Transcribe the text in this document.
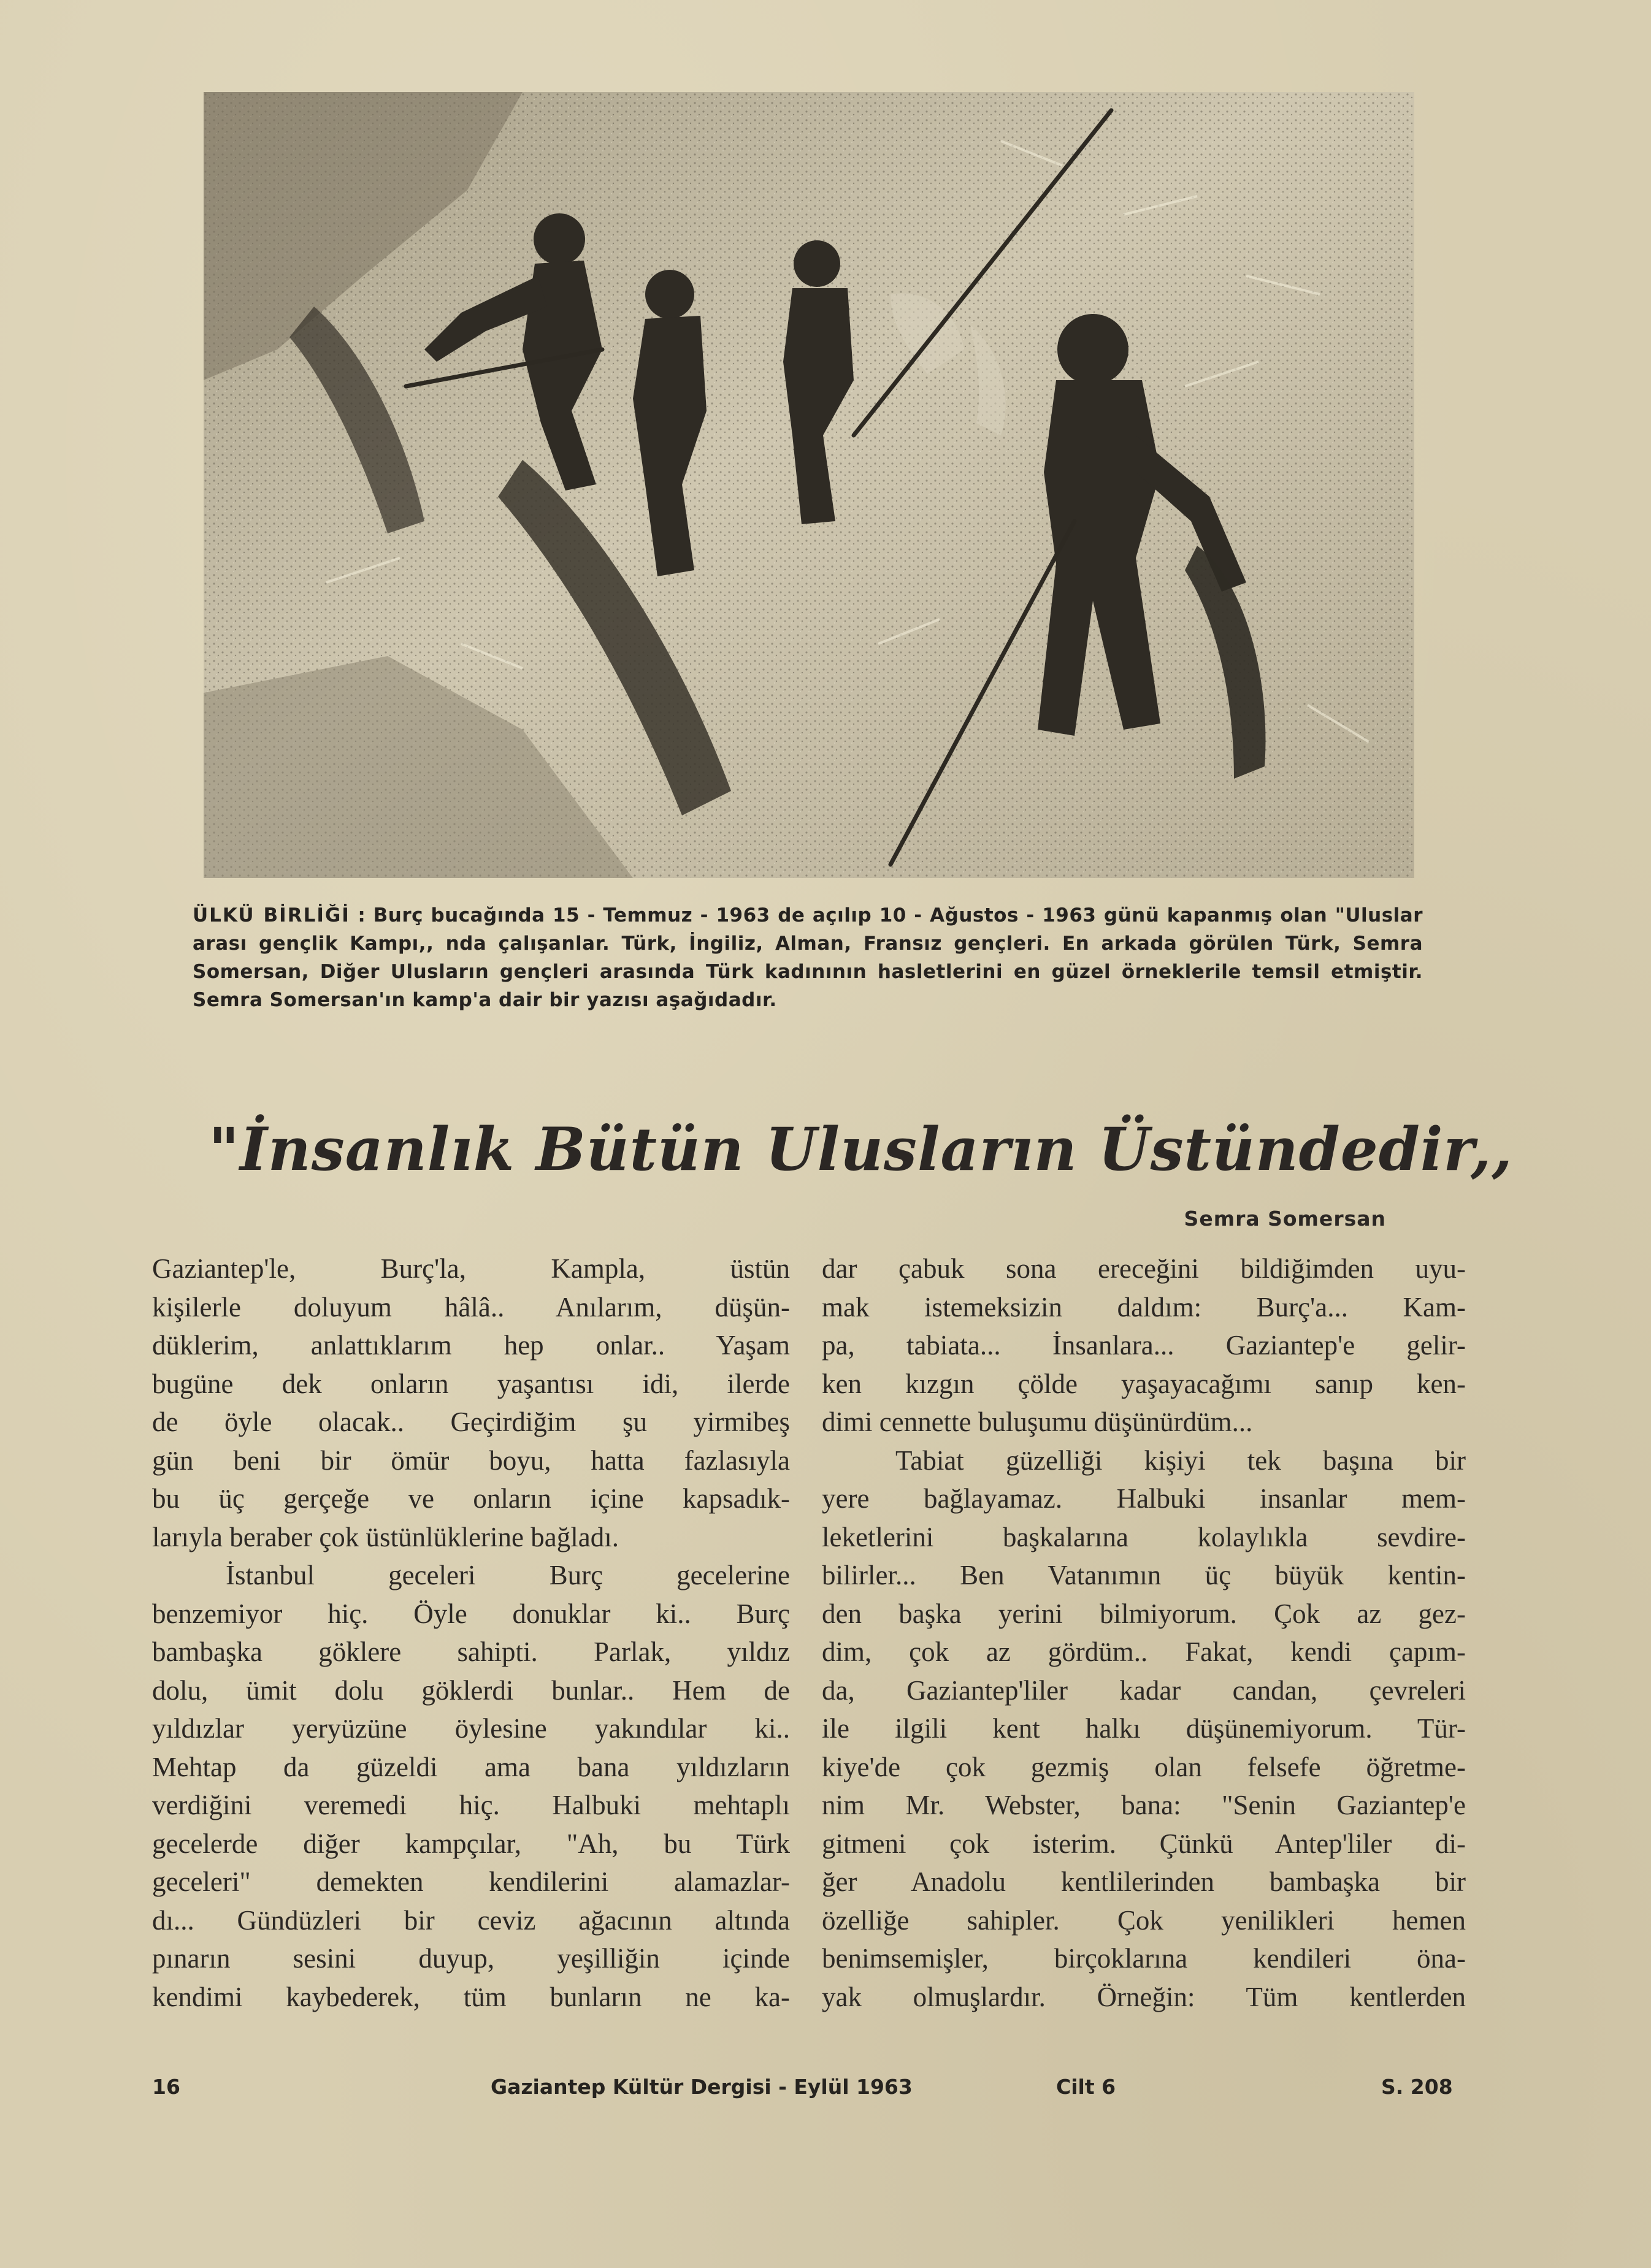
ÜLKÜ BİRLİĞİ : Burç bucağında 15 - Temmuz - 1963 de açılıp 10 - Ağustos - 1963 günü kapanmış olan "Uluslar arası gençlik Kampı,, nda çalışanlar. Türk, İngiliz, Alman, Fransız gençleri. En arkada görülen Türk, Semra Somersan, Diğer Ulusların gençleri arasında Türk kadınının hasletlerini en güzel örneklerile temsil etmiştir. Semra Somersan'ın kamp'a dair bir yazısı aşağıdadır.
"İnsanlık Bütün Ulusların Üstündedir,,
Semra Somersan
Gaziantep'le, Burç'la, Kampla, üstün
kişilerle doluyum hâlâ.. Anılarım, düşün-
düklerim, anlattıklarım hep onlar.. Yaşam
bugüne dek onların yaşantısı idi, ilerde
de öyle olacak.. Geçirdiğim şu yirmibeş
gün beni bir ömür boyu, hatta fazlasıyla
bu üç gerçeğe ve onların içine kapsadık-
larıyla beraber çok üstünlüklerine bağladı.
İstanbul geceleri Burç gecelerine
benzemiyor hiç. Öyle donuklar ki.. Burç
bambaşka göklere sahipti. Parlak, yıldız
dolu, ümit dolu göklerdi bunlar.. Hem de
yıldızlar yeryüzüne öylesine yakındılar ki..
Mehtap da güzeldi ama bana yıldızların
verdiğini veremedi hiç. Halbuki mehtaplı
gecelerde diğer kampçılar, "Ah, bu Türk
geceleri" demekten kendilerini alamazlar-
dı... Gündüzleri bir ceviz ağacının altında
pınarın sesini duyup, yeşilliğin içinde
kendimi kaybederek, tüm bunların ne ka-
dar çabuk sona ereceğini bildiğimden uyu-
mak istemeksizin daldım: Burç'a... Kam-
pa, tabiata... İnsanlara... Gaziantep'e gelir-
ken kızgın çölde yaşayacağımı sanıp ken-
dimi cennette buluşumu düşünürdüm...
Tabiat güzelliği kişiyi tek başına bir
yere bağlayamaz. Halbuki insanlar mem-
leketlerini başkalarına kolaylıkla sevdire-
bilirler... Ben Vatanımın üç büyük kentin-
den başka yerini bilmiyorum. Çok az gez-
dim, çok az gördüm.. Fakat, kendi çapım-
da, Gaziantep'liler kadar candan, çevreleri
ile ilgili kent halkı düşünemiyorum. Tür-
kiye'de çok gezmiş olan felsefe öğretme-
nim Mr. Webster, bana: "Senin Gaziantep'e
gitmeni çok isterim. Çünkü Antep'liler di-
ğer Anadolu kentlilerinden bambaşka bir
özelliğe sahipler. Çok yenilikleri hemen
benimsemişler, birçoklarına kendileri öna-
yak olmuşlardır. Örneğin: Tüm kentlerden
16	Gaziantep Kültür Dergisi - Eylül 1963	Cilt 6	S. 208
